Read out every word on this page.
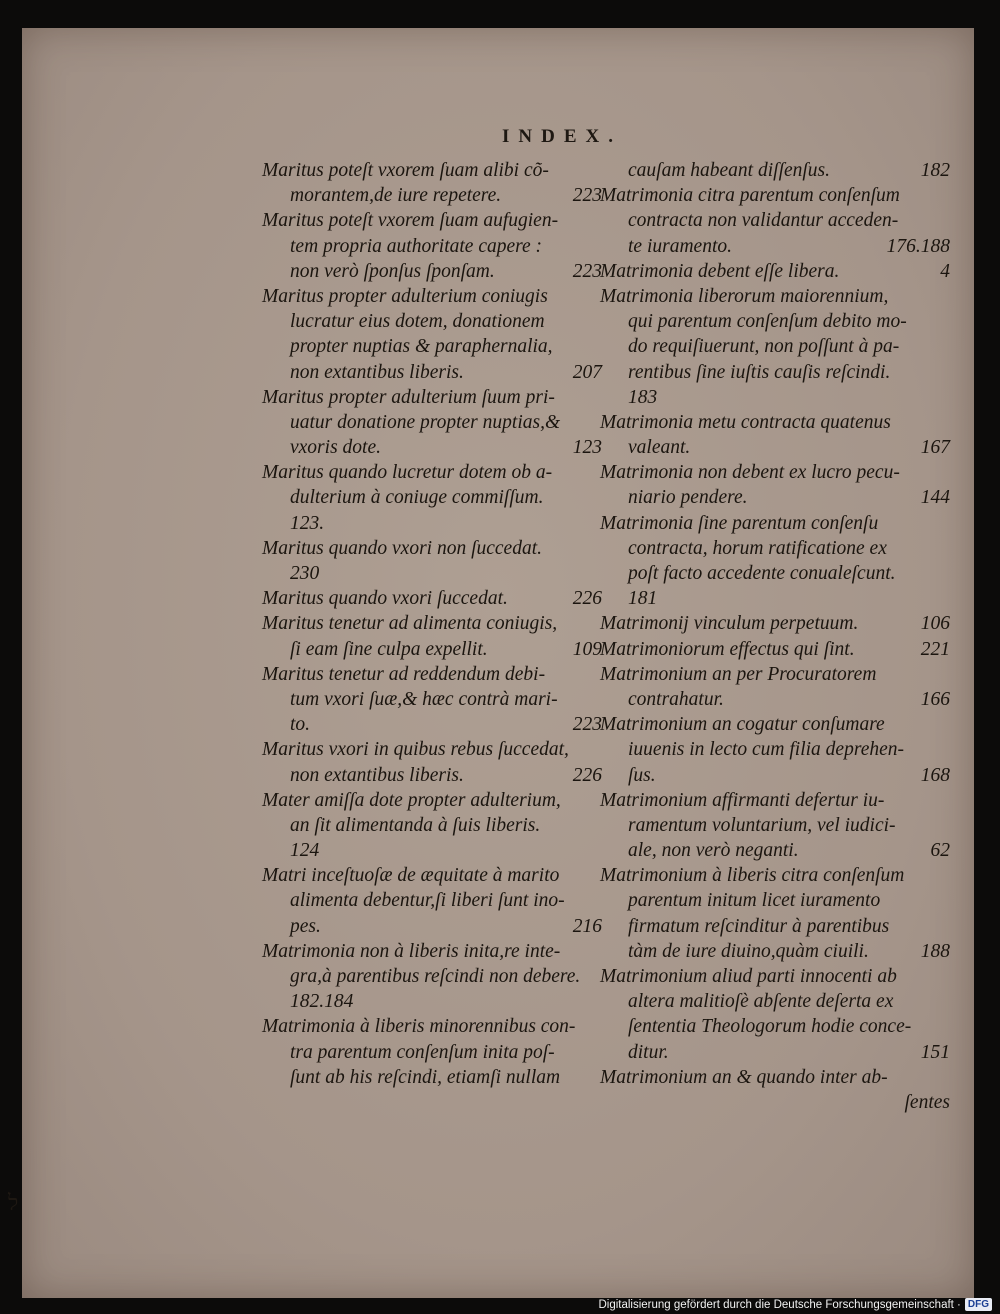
INDEX.
Maritus poteſt vxorem ſuam alibi cõ-
morantem,de iure repetere.	223
Maritus poteſt vxorem ſuam aufugien-
tem propria authoritate capere :
non verò ſponſus ſponſam.	223
Maritus propter adulterium coniugis
lucratur eius dotem, donationem
propter nuptias & paraphernalia,
non extantibus liberis.	207
Maritus propter adulterium ſuum pri-
uatur donatione propter nuptias,&
vxoris dote.	123
Maritus quando lucretur dotem ob a-
dulterium à coniuge commiſſum.
123.
Maritus quando vxori non ſuccedat.
230
Maritus quando vxori ſuccedat.	226
Maritus tenetur ad alimenta coniugis,
ſi eam ſine culpa expellit.	109
Maritus tenetur ad reddendum debi-
tum vxori ſuæ,& hæc contrà mari-
to.	223
Maritus vxori in quibus rebus ſuccedat,
non extantibus liberis.	226
Mater amiſſa dote propter adulterium,
an ſit alimentanda à ſuis liberis.
124
Matri inceſtuoſæ de æquitate à marito
alimenta debentur,ſi liberi ſunt ino-
pes.	216
Matrimonia non à liberis inita,re inte-
gra,à parentibus reſcindi non debere.
182.184
Matrimonia à liberis minorennibus con-
tra parentum conſenſum inita poſ-
ſunt ab his reſcindi, etiamſi nullam
cauſam habeant diſſenſus.	182
Matrimonia citra parentum conſenſum
contracta non validantur acceden-
te iuramento.	176.188
Matrimonia debent eſſe libera.	4
Matrimonia liberorum maiorennium,
qui parentum conſenſum debito mo-
do requiſiuerunt, non poſſunt à pa-
rentibus ſine iuſtis cauſis reſcindi.
183
Matrimonia metu contracta quatenus
valeant.	167
Matrimonia non debent ex lucro pecu-
niario pendere.	144
Matrimonia ſine parentum conſenſu
contracta, horum ratificatione ex
poſt facto accedente conualeſcunt.
181
Matrimonij vinculum perpetuum.	106
Matrimoniorum effectus qui ſint.	221
Matrimonium an per Procuratorem
contrahatur.	166
Matrimonium an cogatur conſumare
iuuenis in lecto cum filia deprehen-
ſus.	168
Matrimonium affirmanti defertur iu-
ramentum voluntarium, vel iudici-
ale, non verò neganti.	62
Matrimonium à liberis citra conſenſum
parentum initum licet iuramento
firmatum reſcinditur à parentibus
tàm de iure diuino,quàm ciuili.	188
Matrimonium aliud parti innocenti ab
altera malitioſè abſente deſerta ex
ſententia Theologorum hodie conce-
ditur.	151
Matrimonium an & quando inter ab-
ſentes
ל
Digitalisierung gefördert durch die Deutsche Forschungsgemeinschaft · DFG
